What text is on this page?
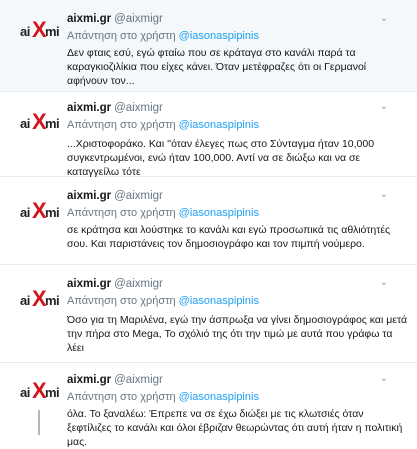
ai X
mi
aixmi.gr @aixmigr
Απάντηση στο χρήστη @iasonaspipinis
Δεν φταις εσύ, εγώ φταίω που σε κράταγα στο κανάλι παρά τα καραγκιοζιλίκια που είχες κάνει. Όταν μετέφραζες ότι οι Γερμανοί αφήνουν τον...
⌄
ai X
mi
aixmi.gr @aixmigr
Απάντηση στο χρήστη @iasonaspipinis
...Χριστοφοράκο. Και ''όταν έλεγες πως στο Σύνταγμα ήταν 10,000 συγκεντρωμένοι, ενώ ήταν 100,000. Αντί να σε διώξω και να σε καταγγείλω τότε
⌄
ai X
mi
aixmi.gr @aixmigr
Απάντηση στο χρήστη @iasonaspipinis
σε κράτησα και λούστηκε το κανάλι και εγώ προσωπικά τις αθλιότητές σου. Και παριστάνεις τον δημοσιογράφο και τον πιμπή νούμερο.
⌄
ai X
mi
aixmi.gr @aixmigr
Απάντηση στο χρήστη @iasonaspipinis
Όσο για τη Μαριλένα, εγώ την άσπρωξα να γίνει δημοσιογράφος και μετά την πήρα στο Mega, Το σχόλιό της ότι την τιμώ με αυτά που γράφω τα λέει
⌄
ai X
mi
aixmi.gr @aixmigr
Απάντηση στο χρήστη @iasonaspipinis
όλα. Το ξαναλέω: Έπρεπε να σε έχω διώξει με τις κλωτσιές όταν ξεφτίλιζες το κανάλι και όλοι έβριζαν θεωρώντας ότι αυτή ήταν η πολιτική μας.
⌄
